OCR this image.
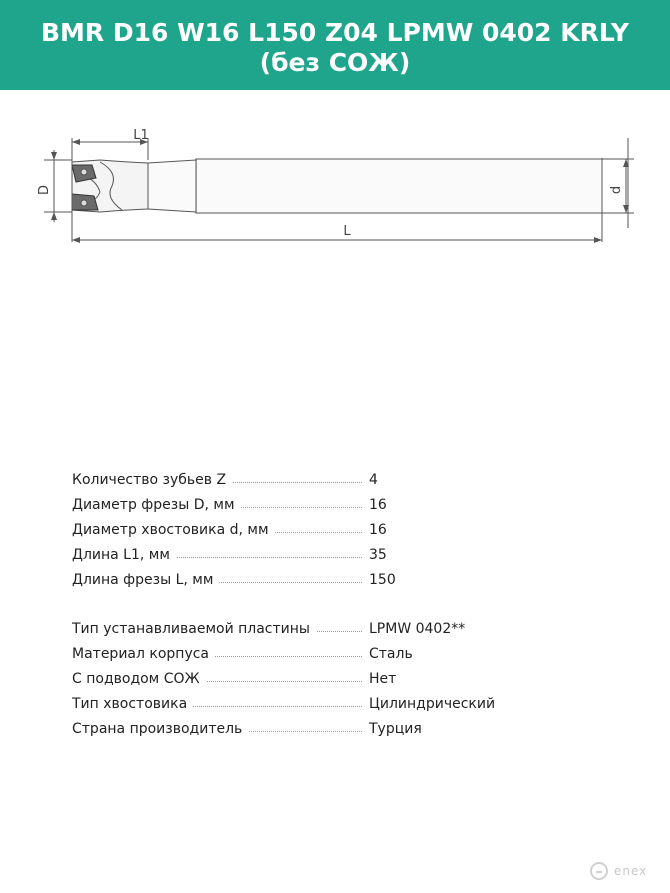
BMR D16 W16 L150 Z04 LPMW 0402 KRLY
(без СОЖ)
L1
L
D	d
Количество зубьев Z	4
Диаметр фрезы D, мм	16
Диаметр хвостовика d, мм	16
Длина L1, мм	35
Длина фрезы L, мм	150
Тип устанавливаемой пластины	LPMW 0402**
Материал корпуса	Сталь
С подводом СОЖ	Нет
Тип хвостовика	Цилиндрический
Страна производитель	Турция
enex
